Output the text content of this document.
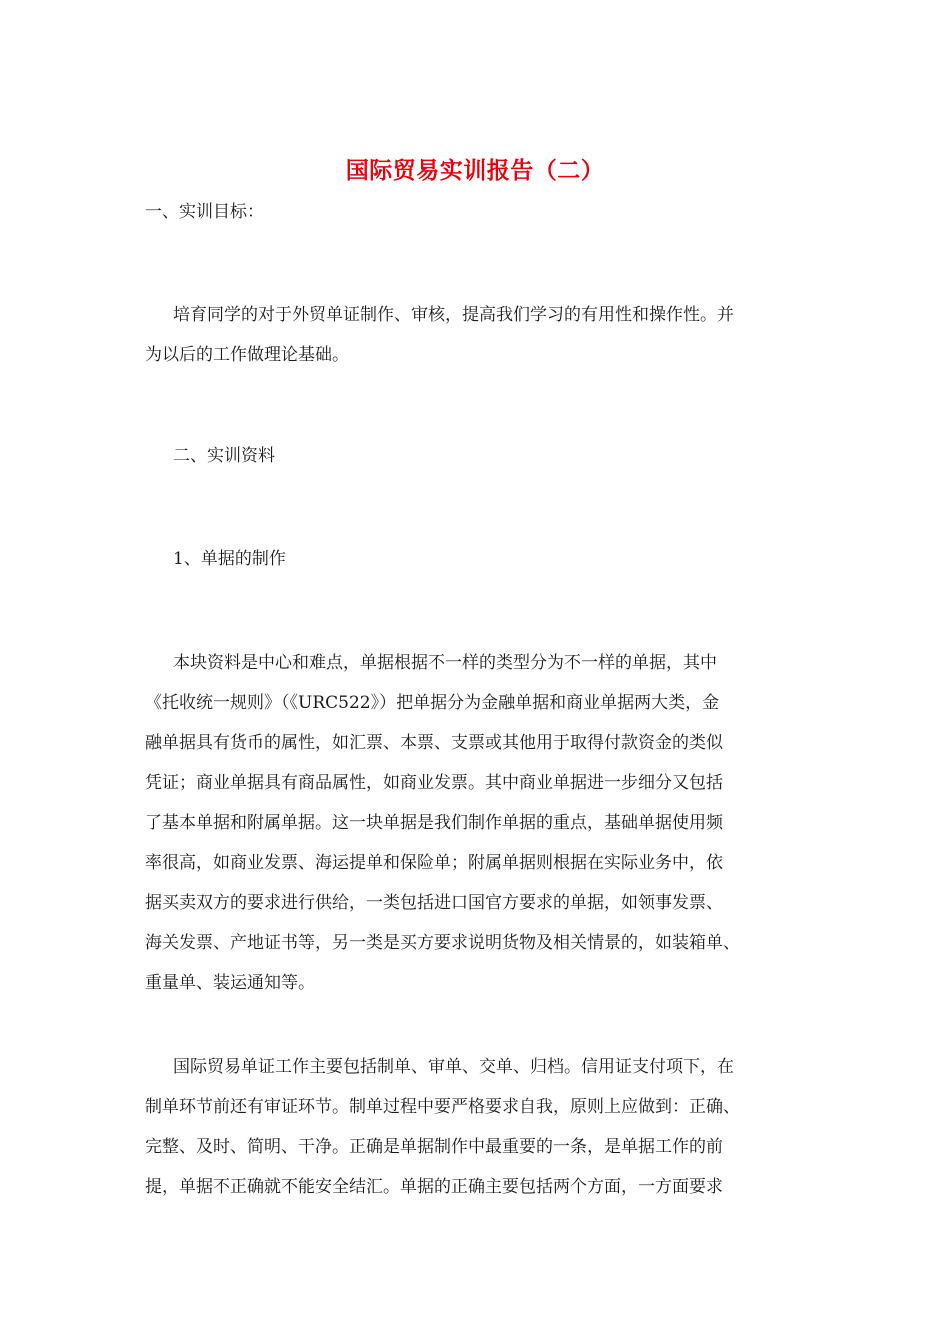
国际贸易实训报告（二）

一、实训目标：

培育同学的对于外贸单证制作、审核，提高我们学习的有用性和操作性。并
为以后的工作做理论基础。

二、实训资料

1、单据的制作

本块资料是中心和难点，单据根据不一样的类型分为不一样的单据，其中
《托收统一规则》（《URC522》）把单据分为金融单据和商业单据两大类，金
融单据具有货币的属性，如汇票、本票、支票或其他用于取得付款资金的类似
凭证；商业单据具有商品属性，如商业发票。其中商业单据进一步细分又包括
了基本单据和附属单据。这一块单据是我们制作单据的重点，基础单据使用频
率很高，如商业发票、海运提单和保险单；附属单据则根据在实际业务中，依
据买卖双方的要求进行供给，一类包括进口国官方要求的单据，如领事发票、
海关发票、产地证书等，另一类是买方要求说明货物及相关情景的，如装箱单、
重量单、装运通知等。

国际贸易单证工作主要包括制单、审单、交单、归档。信用证支付项下，在
制单环节前还有审证环节。制单过程中要严格要求自我，原则上应做到：正确、
完整、及时、简明、干净。正确是单据制作中最重要的一条，是单据工作的前
提，单据不正确就不能安全结汇。单据的正确主要包括两个方面，一方面要求
